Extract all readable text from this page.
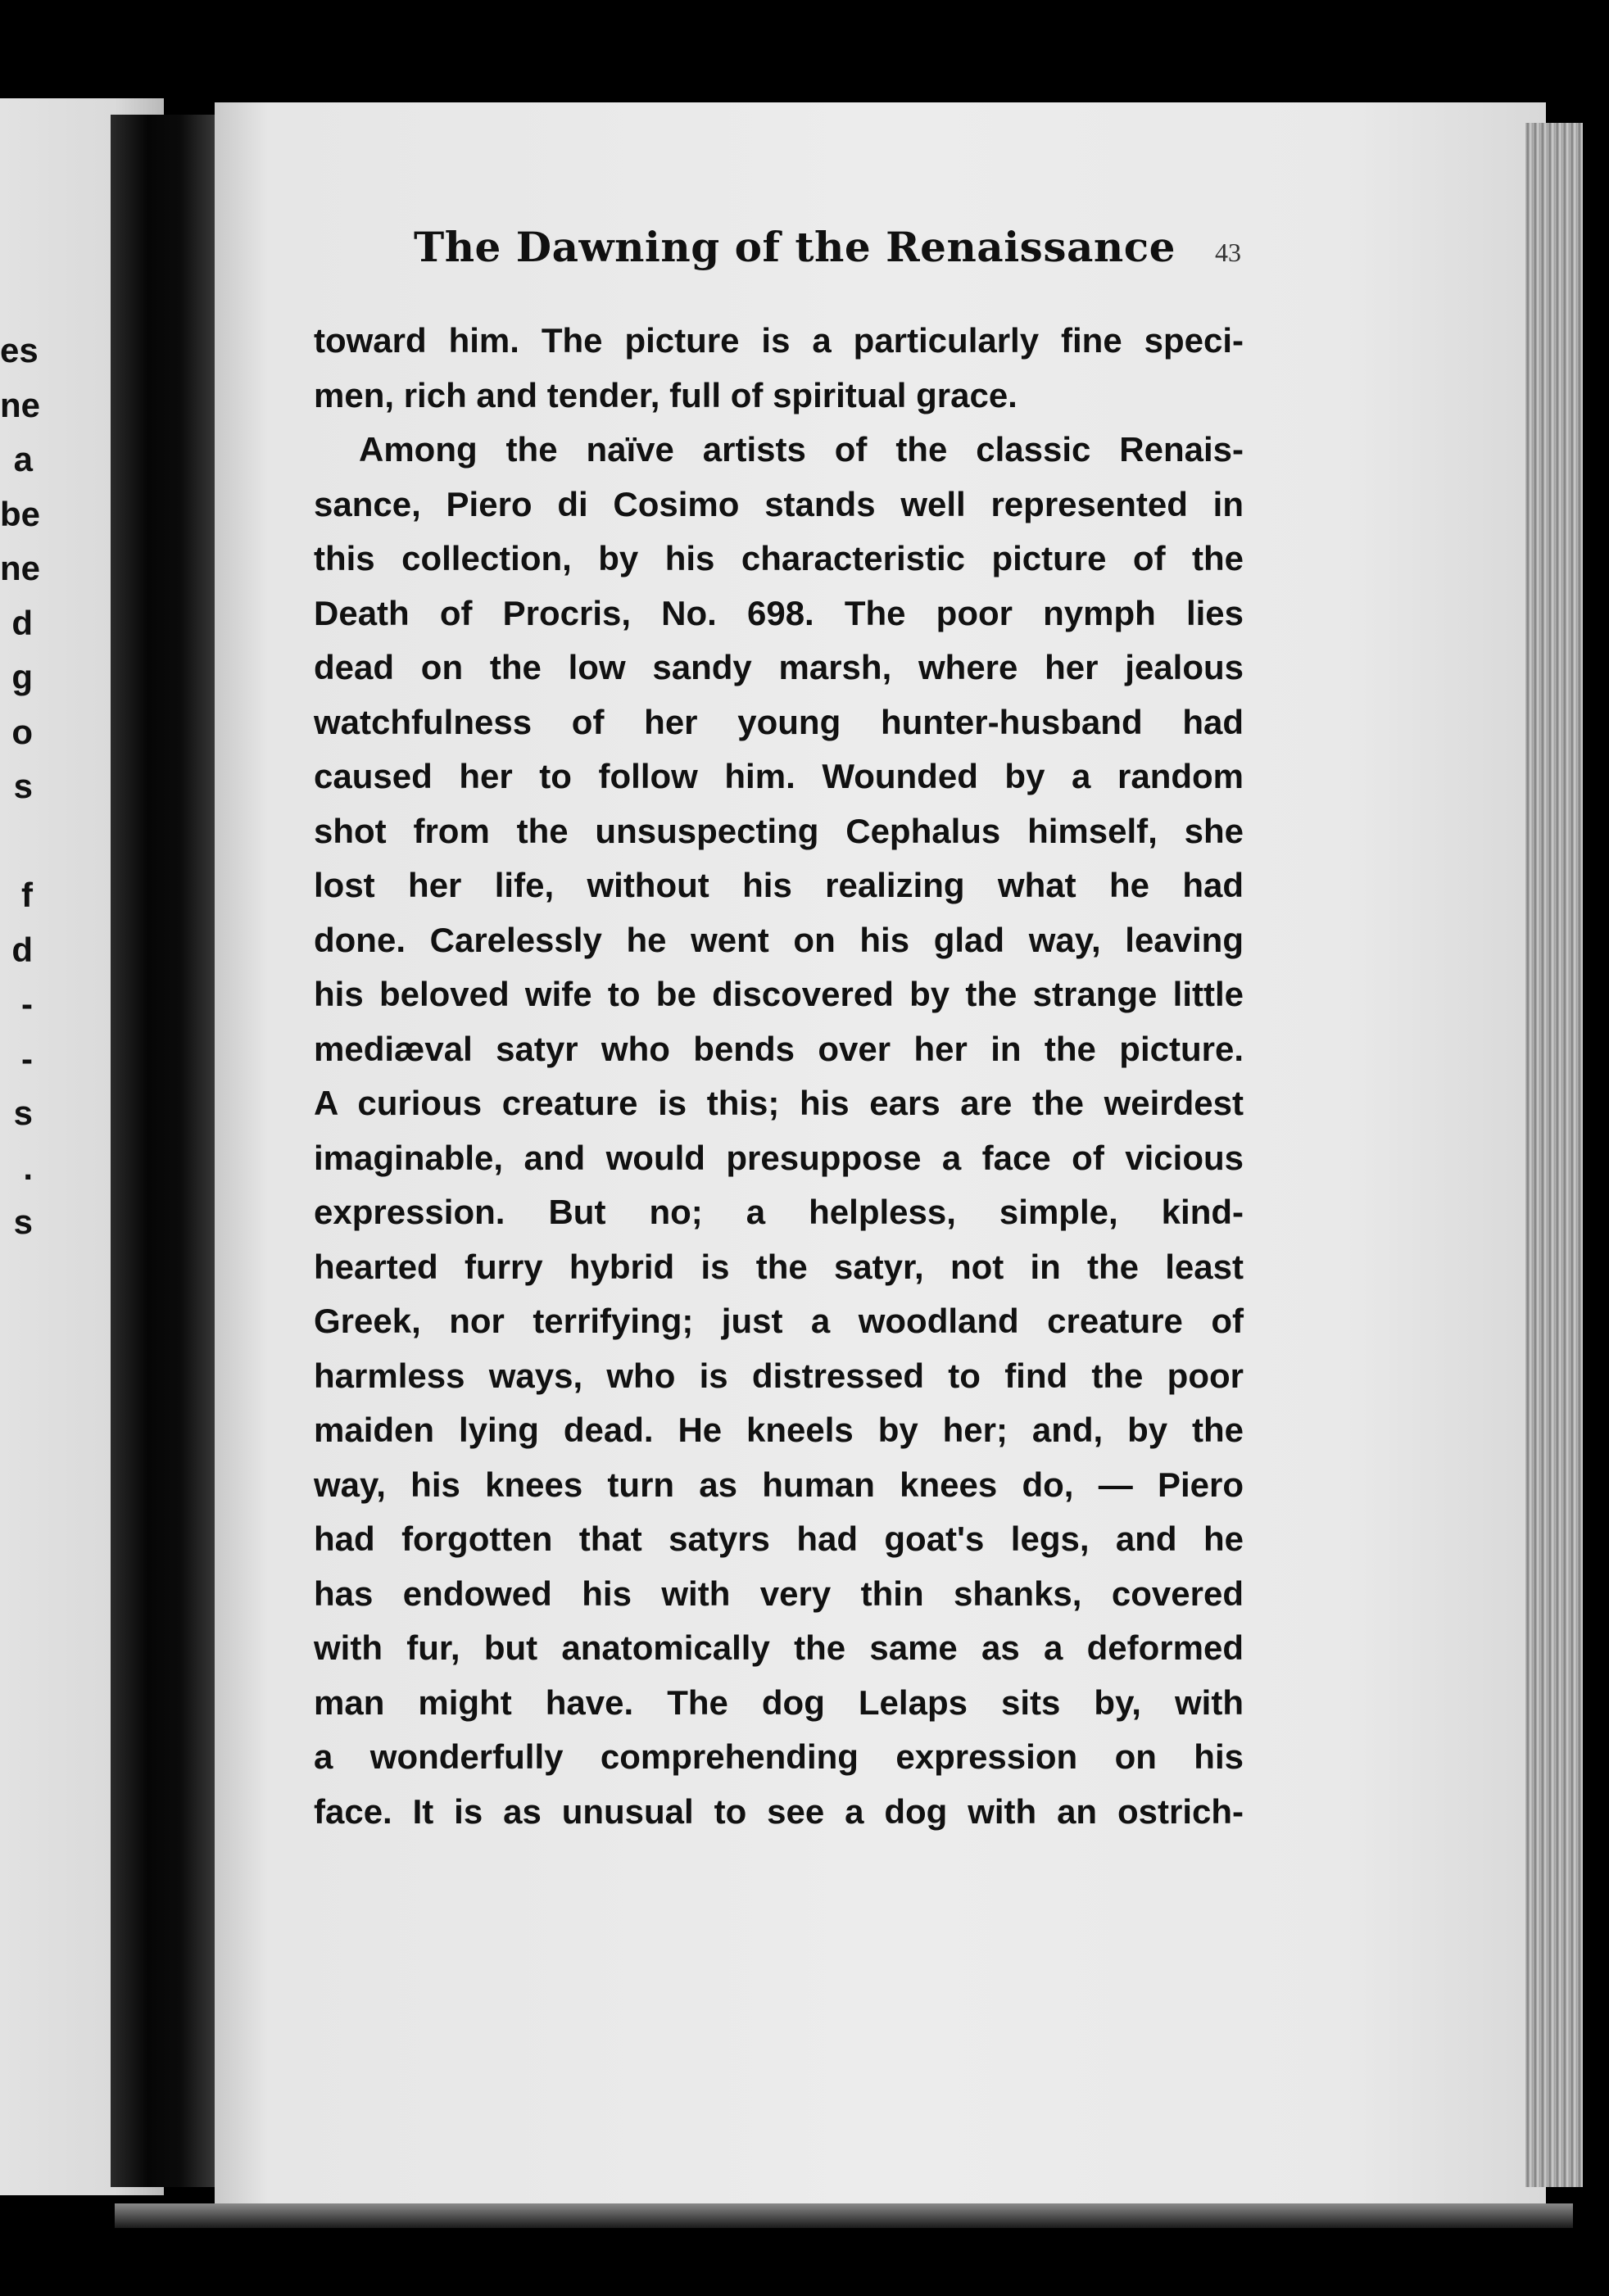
es
ne
a
be
ne
d
g
o
s
f
d
-
-
s
.
s
The Dawning of the Renaissance 43
toward him. The picture is a particularly fine speci-
men, rich and tender, full of spiritual grace.
Among the naïve artists of the classic Renais-
sance, Piero di Cosimo stands well represented in
this collection, by his characteristic picture of the
Death of Procris, No. 698. The poor nymph lies
dead on the low sandy marsh, where her jealous
watchfulness of her young hunter-husband had
caused her to follow him. Wounded by a random
shot from the unsuspecting Cephalus himself, she
lost her life, without his realizing what he had
done. Carelessly he went on his glad way, leaving
his beloved wife to be discovered by the strange little
mediæval satyr who bends over her in the picture.
A curious creature is this; his ears are the weirdest
imaginable, and would presuppose a face of vicious
expression. But no; a helpless, simple, kind-
hearted furry hybrid is the satyr, not in the least
Greek, nor terrifying; just a woodland creature of
harmless ways, who is distressed to find the poor
maiden lying dead. He kneels by her; and, by the
way, his knees turn as human knees do, — Piero
had forgotten that satyrs had goat's legs, and he
has endowed his with very thin shanks, covered
with fur, but anatomically the same as a deformed
man might have. The dog Lelaps sits by, with
a wonderfully comprehending expression on his
face. It is as unusual to see a dog with an ostrich-
